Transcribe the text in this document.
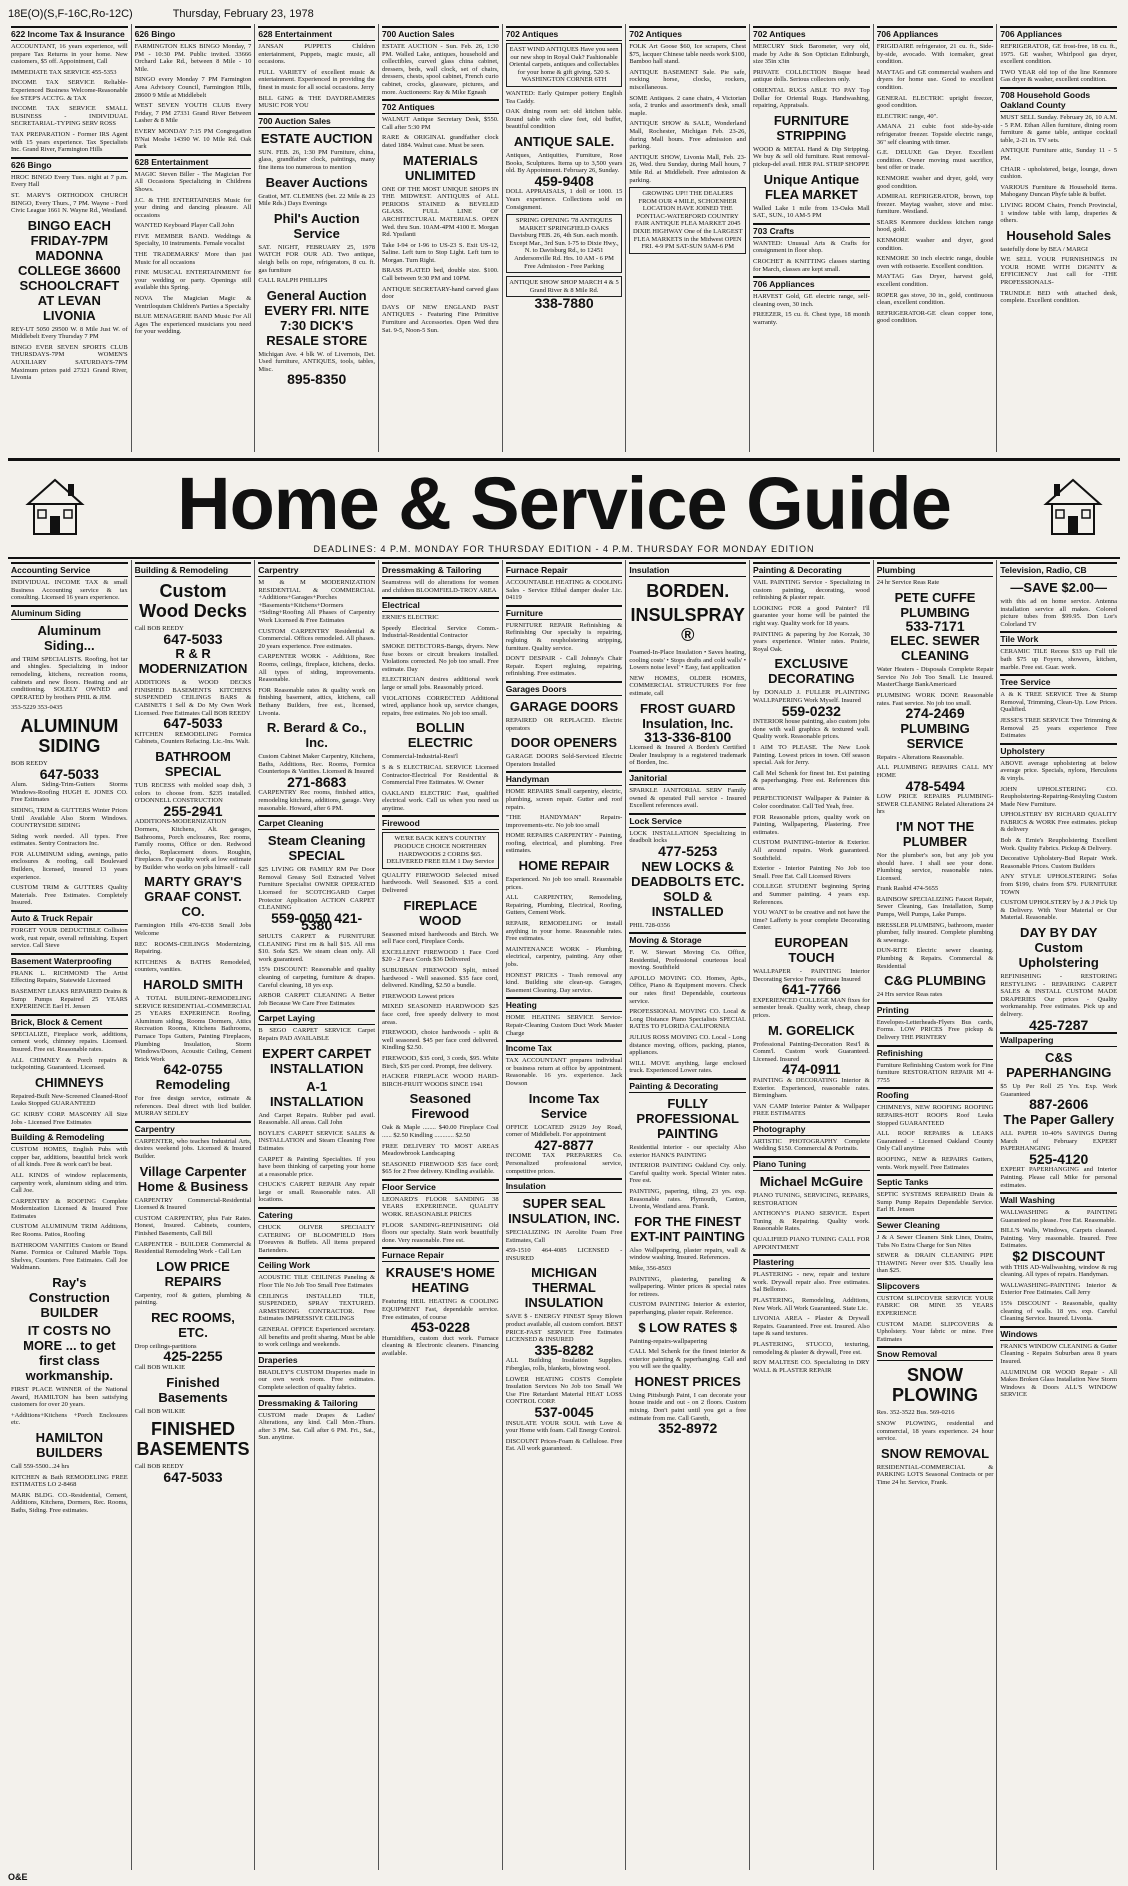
18E(O)(S,F-16C,Ro-12C)	Thursday, February 23, 1978
622 Income Tax & Insurance
ACCOUNTANT, 16 years experience, will prepare Tax Returns in your home. New customers, $5 off. Appointment, Call
IMMEDIATE TAX SERVICE 455-5353
INCOME TAX SERVICE Reliable-Experienced Business Welcome-Reasonable fee STEP'S ACCTG. & TAX
INCOME TAX SERVICE SMALL BUSINESS - INDIVIDUAL SECRETARIAL-TYPING SERV ROSS
TAX PREPARATION - Former IRS Agent with 15 years experience. Tax Specialists Inc. Grand River, Farmington Hills
626 Bingo
HROC BINGO Every Tues. night at 7 p.m. Every Hall
ST. MARY'S ORTHODOX CHURCH BINGO, Every Thurs., 7 PM. Wayne - Ford Civic League 1661 N. Wayne Rd., Westland.
BINGO EACH FRIDAY-7PM MADONNA COLLEGE 36600 SCHOOLCRAFT AT LEVAN LIVONIA
REY-UT 5050 29500 W. 8 Mile Just W. of Middlebelt Every Thursday 7 PM
BINGO EVER SEVEN SPORTS CLUB THURSDAYS-7PM WOMEN'S AUXILIARY SATURDAYS-7PM Maximum prizes paid 27321 Grand River, Livonia
626 Bingo
FARMINGTON ELKS BINGO Monday, 7 PM - 10:30 PM. Public invited. 33666 Orchard Lake Rd., between 8 Mile - 10 Mile.
BINGO every Monday 7 PM Farmington Area Advisory Council, Farmington Hills, 28600 9 Mile at Middlebelt
WEST SEVEN YOUTH CLUB Every Friday, 7 PM 27331 Grand River Between Lasher & 8 Mile
EVERY MONDAY 7:15 PM Congregation B'Nai Moshe 14390 W. 10 Mile Rd. Oak Park
628 Entertainment
MAGIC Steven Biller - The Magician For All Occasions Specializing in Childrens Shows.
J.C. & THE ENTERTAINERS Music for your dining and dancing pleasure. All occasions
WANTED Keyboard Player Call John
FIVE MEMBER BAND. Weddings & Specialty, 10 instruments. Female vocalist
THE TRADEMARKS' More than just Music for all occasions
FINE MUSICAL ENTERTAINMENT for your wedding or party. Openings still available this Spring.
NOVA The Magician Magic & Ventriloquism Children's Parties a Specialty
BLUE MENAGERIE BAND Music For All Ages The experienced musicians you need for your wedding.
628 Entertainment
JANSAN PUPPETS Children entertainment, Puppets, magic music, all occasions.
FULL VARIETY of excellent music & entertainment. Experienced in providing the finest in music for all social occasions. Jerry
BILL GING & THE DAYDREAMERS MUSIC FOR YOU
700 Auction Sales
ESTATE AUCTION
SUN. FEB. 26, 1:30 PM Furniture, china, glass, grandfather clock, paintings, many fine items too numerous to mention
Beaver Auctions
Gratiot, MT. CLEMENS (bet. 22 Mile & 23 Mile Rds.) Days Evenings
Phil's Auction Service
SAT. NIGHT, FEBRUARY 25, 1978 WATCH FOR OUR AD. Two antique, sleigh bells on rope, refrigerators, 8 cu. ft. gas furniture
CALL RALPH PHILLIPS
General Auction EVERY FRI. NITE 7:30 DICK'S RESALE STORE
Michigan Ave. 4 blk W. of Livernois, Det. Used furniture, ANTIQUES, tools, tables, Misc.
895-8350
700 Auction Sales
ESTATE AUCTION - Sun. Feb. 26, 1:30 PM. Walled Lake, antiques, household and collectibles, curved glass china cabinet, dressers, beds, wall clock, set of chairs, dressers, chests, spool cabinet, French curio cabinet, crocks, glassware, pictures, and more. Auctioneers: Ray & Mike Egnash
702 Antiques
WALNUT Antique Secretary Desk, $550. Call after 5:30 PM
RARE & ORIGINAL grandfather clock dated 1884. Walnut case. Must be seen.
MATERIALS UNLIMITED
ONE OF THE MOST UNIQUE SHOPS IN THE MIDWEST. ANTIQUES of ALL PERIODS STAINED & BEVELED GLASS. FULL LINE OF ARCHITECTURAL MATERIALS. OPEN Wed. thru Sun. 10AM-4PM 4100 E. Morgan Rd. Ypsilanti
Take I-94 or I-96 to US-23 S. Exit US-12, Saline. Left turn to Stop Light. Left turn to Morgan. Turn Right.
BRASS PLATED bed, double size. $100. Call between 9:30 PM and 10PM.
ANTIQUE SECRETARY-hand carved glass door
DAYS OF NEW ENGLAND PAST ANTIQUES - Featuring Fine Primitive Furniture and Accessories. Open Wed thru Sat. 9-5, Noon-5 Sun.
702 Antiques
EAST WIND ANTIQUES Have you seen our new shop in Royal Oak? Fashionable Oriental carpets, antiques and collectables for your home & gift giving. 520 S. WASHINGTON CORNER 6TH
WANTED: Early Quimper pottery English Tea Caddy.
OAK dining room set: old kitchen table. Round table with claw feet, old buffet, beautiful condition
ANTIQUE SALE.
Antiques, Antiquities, Furniture, Rose Books, Sculptures. Items up to 3,500 years old. By Appointment. February 26, Sunday.
459-9408
DOLL APPRAISALS, 1 doll or 1000. 15 Years experience. Collections sold on Consignment.
SPRING OPENING '78 ANTIQUES MARKET SPRINGFIELD OAKS Davisburg FEB. 26, 4th Sun. each month. Except Mar., 3rd Sun. I-75 to Dixie Hwy., N. to Davisburg Rd., to 12451 Andersonville Rd. Hrs. 10 AM - 6 PM Free Admission - Free Parking
ANTIQUE SHOW SHOP MARCH 4 & 5 Grand River & 8 Mile Rd.
338-7880
702 Antiques
FOLK Art Goose $60, Ice scrapers, Chest $75, lacquer Chinese table needs work $100, Bamboo hall stand.
ANTIQUE BASEMENT Sale. Pie safe, rocking horse, clocks, rockers, miscellaneous.
SOME Antiques. 2 cane chairs, 4 Victorian sofa, 2 trunks and assortment's desk, small maple.
ANTIQUE SHOW & SALE, Wonderland Mall, Rochester, Michigan Feb. 23-26, during Mall hours. Free admission and parking.
ANTIQUE SHOW, Livonia Mall, Feb. 23-26, Wed. thru Sunday, during Mall hours, 7 Mile Rd. at Middlebelt. Free admission & parking.
GROWING UP!! THE DEALERS FROM OUR 4 MILE, SCHOENHER LOCATION HAVE JOINED THE PONTIAC-WATERFORD COUNTRY FAIR ANTIQUE FLEA MARKET 2045 DIXIE HIGHWAY One of the LARGEST FLEA MARKETS in the Midwest OPEN FRI. 4-9 PM SAT-SUN 9AM-6 PM
702 Antiques
MERCURY Stick Barometer, very old, made by Adie & Son Optician Edinburgh, size 35in x3in
PRIVATE COLLECTION Bisque head antique dolls. Serious collectors only.
ORIENTAL RUGS ABLE TO PAY Top Dollar for Oriental Rugs. Handwashing, repairing, Appraisals.
FURNITURE STRIPPING
WOOD & METAL Hand & Dip Stripping. We buy & sell old furniture. Rust removal-pickup-del avail. HER PAL STRIP SHOPPE
Unique Antique FLEA MARKET
Walled Lake 1 mile from 13-Oaks Mall SAT., SUN., 10 AM-5 PM
703 Crafts
WANTED: Unusual Arts & Crafts for consignment in floor shop.
CROCHET & KNITTING classes starting for March, classes are kept small.
706 Appliances
HARVEST Gold, GE electric range, self-cleaning oven, 30 inch.
FREEZER, 15 cu. ft. Chest type, 18 month warranty.
706 Appliances
FRIGIDAIRE refrigerator, 21 cu. ft., Side-by-side, avocado. With icemaker, great condition.
MAYTAG and GE commercial washers and dryers for home use. Good to excellent condition.
GENERAL ELECTRIC upright freezer, good condition.
ELECTRIC range, 40".
AMANA 21 cubic foot side-by-side refrigerator freezer. Topside electric range, 36" self cleaning with timer.
G.E. DELUXE Gas Dryer. Excellent condition. Owner moving must sacrifice, best offer or trade.
KENMORE washer and dryer, gold, very good condition.
ADMIRAL REFRIGERATOR, brown, top freezer. Maytag washer, stove and misc. furniture. Westland.
SEARS Kenmore duckless kitchen range hood, gold.
KENMORE washer and dryer, good condition.
KENMORE 30 inch electric range, double oven with rotisserie. Excellent condition.
MAYTAG Gas Dryer, harvest gold, excellent condition.
ROPER gas stove, 30 in., gold, continuous clean, excellent condition.
REFRIGERATOR-GE clean copper tone, good condition.
706 Appliances
REFRIGERATOR, GE frost-free, 18 cu. ft., 1975. GE washer, Whirlpool gas dryer, excellent condition.
TWO YEAR old top of the line Kenmore Gas dryer & washer, excellent condition.
708 Household Goods Oakland County
MUST SELL Sunday. February 26, 10 A.M. - 5 P.M. Ethan Allen furniture, dining room furniture & game table, antique cocktail table, 2-21 in. TV sets.
ANTIQUE Furniture attic, Sunday 11 - 5 PM.
CHAIR - upholstered, beige, lounge, down cushion.
VARIOUS Furniture & Household items. Mahogany Duncan Phyfe table & buffet.
LIVING ROOM Chairs, French Provincial, 1 window table with lamp, draperies & others.
Household Sales
tastefully done by BEA / MARGI
WE SELL YOUR FURNISHINGS IN YOUR HOME WITH DIGNITY & EFFICIENCY Just call for -THE PROFESSIONALS-
TRUNDLE BED with attached desk, complete. Excellent condition.
Home & Service Guide
DEADLINES: 4 P.M. MONDAY FOR THURSDAY EDITION - 4 P.M. THURSDAY FOR MONDAY EDITION
Accounting Service
INDIVIDUAL INCOME TAX & small Business Accounting service & tax consulting. Licensed 16 years experience.
Aluminum Siding
Aluminum Siding...
and TRIM SPECIALISTS. Roofing, hot tar and shingles. Specializing in indoor remodeling, kitchens, recreation rooms, cabinets and new floors. Heating and air conditioning. SOLELY OWNED and OPERATED by brothers PHIL & JIM.
353-5229 353-0435
ALUMINUM SIDING
BOB REEDY
647-5033
Alum. Siding-Trim-Gutters Storms Windows-Roofing HUGH E. JONES CO. Free Estimates
SIDING, TRIM & GUTTERS Winter Prices Until Available Also Storm Windows. COUNTRYSIDE SIDING
Siding work needed. All types. Free estimates. Sentry Contractors Inc.
FOR ALUMINUM siding, awnings, patio enclosures & roofing, call Boulevard Builders, licensed, insured 13 years experience.
CUSTOM TRIM & GUTTERS Quality Materials. Free Estimates. Completely Insured.
Auto & Truck Repair
FORGET YOUR DEDUCTIBLE Collision work, rust repair, overall refinishing. Expert service. Call Steve
Basement Waterproofing
FRANK L. RICHMOND The Artist Effecting Repairs, Statewide Licensed
BASEMENT LEAKS REPAIRED Drains & Sump Pumps Repaired 25 YEARS EXPERIENCE Earl H. Jensen
Brick, Block & Cement
SPECIALIZE, Fireplace work, additions, cement work, chimney repairs. Licensed. Insured. Free est. Reasonable rates.
ALL CHIMNEY & Porch repairs & tuckpointing. Guaranteed. Licensed.
CHIMNEYS
Repaired-Built New-Screened Cleaned-Roof Leaks Stopped GUARANTEED
GC KIRBY CORP. MASONRY All Size Jobs - Licensed Free Estimates
Building & Remodeling
CUSTOM HOMES, English Pubs with copper bar, additions, beautiful brick work of all kinds. Free & work can't be beat.
ALL KINDS of window replacements, carpentry work, aluminum siding and trim. Call Joe.
CARPENTRY & ROOFING Complete Modernization Licensed & Insured Free Estimates
CUSTOM ALUMINUM TRIM Additions, Rec Rooms. Patios, Roofing
BATHROOM VANITIES Custom or Brand Name. Formica or Cultured Marble Tops. Shelves, Counters. Free Estimates. Call Joe Waldmann.
Ray's Construction BUILDER
IT COSTS NO MORE ... to get first class workmanship.
FIRST PLACE WINNER of the National Award, HAMILTON has been satisfying customers for over 20 years.
+Additions+Kitchens +Porch Enclosures etc.
HAMILTON BUILDERS
Call 559-5500...24 hrs
KITCHEN & Bath REMODELING FREE ESTIMATES LO 2-8468
MARK BLDG. CO.-Residential, Cement, Additions, Kitchens, Dormers, Rec. Rooms, Baths, Siding. Free estimates.
Building & Remodeling
Custom Wood Decks
Call BOB REEDY
647-5033
R & R MODERNIZATION
ADDITIONS & WOOD DECKS FINISHED BASEMENTS KITCHENS SUSPENDED CEILINGS BARS & CABINETS I Sell & Do My Own Work Licensed. Free Estimates Call BOB REEDY
647-5033
KITCHEN REMODELING Formica Cabinets, Counters Refacing. Lic.-Ins. Walt.
BATHROOM SPECIAL
TUB RECESS with molded soap dish, 3 colors to choose from. $235 installed. O'DONNELL CONSTRUCTION
255-2941
ADDITIONS-MODERNIZATION Dormers, Kitchens, Alt. garages, Bathrooms, Porch enclosures, Rec rooms, Family rooms, Office or den. Redwood decks, Replacement doors. Roughin, Fireplaces. For quality work at low estimate by Builder who works on jobs himself - call
MARTY GRAY'S GRAAF CONST. CO.
Farmington Hills 476-8338 Small Jobs Welcome
REC ROOMS-CEILINGS Modernizing, Repairing.
KITCHENS & BATHS Remodeled, counters, vanities.
HAROLD SMITH
A TOTAL BUILDING-REMODELING SERVICE RESIDENTIAL-COMMERCIAL 25 YEARS EXPERIENCE Roofing, Aluminum siding, Rooms Dormers, Attics Recreation Rooms, Kitchens Bathrooms, Furnace Tops Gutters, Painting Fireplaces, Plumbing Insulation, Storm Windows/Doors, Acoustic Ceiling, Cement Brick Work
642-0755
Remodeling
For free design service, estimate & references. Deal direct with licd builder. MURRAY SEDLEY
Carpentry
CARPENTER, who teaches Industrial Arts, desires weekend jobs. Licensed & Insured Builder.
Village Carpenter Home & Business
CARPENTRY Commercial-Residential Licensed & Insured
CUSTOM CARPENTRY, plus Fair Rates. Honest, Insured. Cabinets, counters, Finished Basements, Call Bill
CARPENTER - BUILDER Commercial & Residential Remodeling Work - Call Len
LOW PRICE REPAIRS
Carpentry, roof & gutters, plumbing & painting.
REC ROOMS, ETC.
Drop ceilings-partitions
425-2255
Call BOB WILKIE
Finished Basements
Call BOB WILKIE
FINISHED BASEMENTS
Call BOB REEDY
647-5033
Carpentry
M & M MODERNIZATION RESIDENTIAL & COMMERCIAL +Additions+Garages+Porches +Basements+Kitchens+Dormers +Siding+Roofing All Phases of Carpentry Work Licensed & Free Estimates
CUSTOM CARPENTRY Residential & Commercial. Offices remodeled. All phases. 20 years experience. Free estimates.
CARPENTER WORK - Additions, Rec Rooms, ceilings, fireplace, kitchens, decks. All types of siding, improvements. Reasonable.
FOR Reasonable rates & quality work on finishing basement, attics, kitchens, call Bethany Builders, free est., licensed, Livonia.
R. Berard & Co., Inc.
Custom Cabinet Maker Carpentry, Kitchens, Baths, Additions, Rec. Rooms, Formica Countertops & Vanities. Licensed & Insured
271-8683
CARPENTRY Rec rooms, finished attics, remodeling kitchens, additions, garage. Very reasonable. Howard, after 6 PM.
Carpet Cleaning
Steam Cleaning SPECIAL
$25 LIVING OR FAMILY RM Per Door Removal Greasy Soil Extracted Velvet Furniture Specialist OWNER OPERATED Licensed for SCOTCHGARD Carpet Protector Application ACTION CARPET CLEANING
559-0050 421-5380
SHULTS CARPET & FURNITURE CLEANING First rm & hall $15. All rms $10. Sofa $25. We steam clean only. All work guaranteed.
15% DISCOUNT: Reasonable and quality cleaning of carpeting, furniture & drapes. Careful cleaning, 18 yrs exp.
ARBOR CARPET CLEANING A Better Job Because We Care Free Estimates
Carpet Laying
B SEGO CARPET SERVICE Carpet Repairs PAD AVAILABLE
EXPERT CARPET INSTALLATION
A-1 INSTALLATION
And Carpet Repairs. Rubber pad avail. Reasonable. All areas. Call John
BOYLE'S CARPET SERVICE SALES & INSTALLATION and Steam Cleaning Free Estimates
CARPET & Painting Specialties. If you have been thinking of carpeting your home at a reasonable price.
CHUCK'S CARPET REPAIR Any repair large or small. Reasonable rates. All locations.
Catering
CHUCK OLIVER SPECIALTY CATERING OF BLOOMFIELD Hors D'oeuvres & Buffets. All items prepared Bartenders.
Ceiling Work
ACOUSTIC TILE CEILINGS Paneling & Floor Tile No Job Too Small Free Estimates
CEILINGS INSTALLED TILE, SUSPENDED, SPRAY TEXTURED. ARMSTRONG CONTRACTOR. Free Estimates IMPRESSIVE CEILINGS
GENERAL OFFICE Experienced secretary. All benefits and profit sharing. Must be able to work ceilings and weekends.
Draperies
BRADLEY'S CUSTOM Draperies made in our own work room. Free estimates. Complete selection of quality fabrics.
Dressmaking & Tailoring
CUSTOM made Drapes & Ladies' Alterations, any kind. Call Mon.-Thurs. after 3 PM. Sat. Call after 6 PM. Fri., Sat., Sun. anytime.
Dressmaking & Tailoring
Seamstress will do alterations for women and children BLOOMFIELD-TROY AREA
Electrical
ERNIE'S ELECTRIC
Speedy Electrical Service Comm.-Industrial-Residential Contractor
SMOKE DETECTORS-Bangs, dryers. New fuse boxes or circuit breakers installed. Violations corrected. No job too small. Free estimate. Day
ELECTRICIAN desires additional work large or small jobs. Reasonably priced.
VIOLATIONS CORRECTED Additional wired, appliance hook up, service changes, repairs, free estimates. No job too small.
BOLLIN ELECTRIC
Commercial-Industrial-Resi'l
S & S ELECTRICAL SERVICE Licensed Contractor-Electrical For Residential & Commercial Free Estimates. W. Owner
OAKLAND ELECTRIC Fast, qualified electrical work. Call us when you need us anytime.
Firewood
WE'RE BACK KEN'S COUNTRY PRODUCE CHOICE NORTHERN HARDWOODS 2 CORDS $65. DELIVERED FREE ELM 1 Day Service
QUALITY FIREWOOD Selected mixed hardwoods. Well Seasoned. $35 a cord. Delivered
FIREPLACE WOOD
Seasoned mixed hardwoods and Birch. We sell Face cord, Fireplace Cords.
EXCELLENT FIREWOOD 1 Face Cord $20 - 2 Face Cords $36 Delivered
SUBURBAN FIREWOOD Split, mixed hardwood - Well seasoned. $35 face cord, delivered. Kindling, $2.50 a bundle.
FIREWOOD Lowest prices
MIXED SEASONED HARDWOOD $25 face cord, free speedy delivery to most areas.
FIREWOOD, choice hardwoods - split & well seasoned. $45 per face cord delivered. Kindling $2.50.
FIREWOOD, $35 cord, 3 cords, $95. White Birch, $35 per cord. Prompt, free delivery.
HACKER FIREPLACE WOOD HARD-BIRCH-FRUIT WOODS SINCE 1941
Seasoned Firewood
Oak & Maple ........ $40.00 Fireplace Coal ...... $2.50 Kindling ............ $2.50
FREE DELIVERY TO MOST AREAS Meadowbrook Landscaping
SEASONED FIREWOOD $35 face cord; $65 for 2 Free delivery. Kindling available.
Floor Service
LEONARD'S FLOOR SANDING 38 YEARS EXPERIENCE. QUALITY WORK. REASONABLE PRICES
FLOOR SANDING-REFINISHING Old floors our specialty. Stain work beautifully done. Very reasonable. Free est.
Furnace Repair
KRAUSE'S HOME HEATING
Featuring HEIL HEATING & COOLING EQUIPMENT Fast, dependable service. Free estimates, of course
453-0228
Humidifiers, custom duct work. Furnace cleaning & Electronic cleaners. Financing available.
Furnace Repair
ACCOUNTABLE HEATING & COOLING Sales - Service Efthal damper dealer Lic. 04119
Furniture
FURNITURE REPAIR Refinishing & Refinishing Our specialty is repairing, regluing & reupholstering stripping, furniture. Quality service.
DON'T DESPAIR - Call Johnny's Chair Repair. Expert regluing, repairing, refinishing. Free estimates.
Garages Doors
GARAGE DOORS
REPAIRED OR REPLACED. Electric operators
DOOR OPENERS
GARAGE DOORS Sold-Serviced Electric Operators Installed
Handyman
HOME REPAIRS Small carpentry, electric, plumbing, screen repair. Gutter and roof repairs.
"THE HANDYMAN" Repairs-improvements-etc. No job too small
HOME REPAIRS CARPENTRY - Painting, roofing, electrical, and plumbing. Free estimates.
HOME REPAIR
Experienced. No job too small. Reasonable prices.
ALL CARPENTRY, Remodeling, Repairing, Plumbing, Electrical, Roofing, Gutters, Cement Work.
REPAIR, REMODELING or install anything in your home. Reasonable rates. Free estimates.
MAINTENANCE WORK - Plumbing, electrical, carpentry, painting. Any other jobs.
HONEST PRICES - Trash removal any kind. Building site clean-up. Garages, Basement Cleaning. Day service.
Heating
HOME HEATING SERVICE Service-Repair-Cleaning Custom Duct Work Master Charge
Income Tax
TAX ACCOUNTANT prepares individual or business return at office by appointment. Reasonable. 16 yrs. experience. Jack Dowson
Income Tax Service
OFFICE LOCATED 29129 Joy Road, corner of Middlebelt. For appointment
427-8877
INCOME TAX PREPARERS Co. Personalized professional service, competitive prices.
Insulation
SUPER SEAL INSULATION, INC.
SPECIALIZING IN Aerolite Foam Free Estimates, Call
459-1510 464-4085 LICENSED - INSURED
MICHIGAN THERMAL INSULATION
SAVE $ - ENERGY FINEST Spray Blown product available, all custom comfort. BEST PRICE-FAST SERVICE Free Estimates LICENSED & INSURED
335-8282
ALL Building Insulation Supplies. Fiberglas, rolls, blankets, blowing wool.
LOWER HEATING COSTS Complete Insulation Services No Job too Small We Use Fire Retardant Material HEAT LOSS CONTROL CORP.
537-0045
INSULATE YOUR SOUL with Love & your Home with foam. Call Energy Control.
DISCOUNT Prices-Foam & Cellulose. Free Est. All work guaranteed.
Insulation
BORDEN.
INSULSPRAY ®
Foamed-In-Place Insulation • Saves heating, cooling costs' • Stops drafts and cold walls' • Lowers noise level' • Easy, fast application
NEW HOMES, OLDER HOMES, COMMERCIAL STRUCTURES For free estimate, call
FROST GUARD Insulation, Inc.
313-336-8100
Licensed & Insured A Borden's Certified Dealer Insulspray is a registered trademark of Borden, Inc.
Janitorial
SPARKLE JANITORIAL SERV Family owned & operated Full service - Insured Excellent references avail.
Lock Service
LOCK INSTALLATION Specializing in deadbolt locks
477-5253
NEW LOCKS & DEADBOLTS ETC. SOLD & INSTALLED
PHIL 728-0356
Moving & Storage
F. W. Stewart Moving Co. Office, Residential, Professional courteous local moving. Southfield
APOLLO MOVING CO. Homes, Apts., Office, Piano & Equipment movers. Check our rates first! Dependable, courteous service.
PROFESSIONAL MOVING CO. Local & Long Distance Piano Specialists SPECIAL RATES TO FLORIDA CALIFORNIA
JULIUS ROSS MOVING CO. Local - Long distance moving, offices, packing, pianos, appliances.
WILL MOVE anything, large enclosed truck. Experienced Lower rates.
Painting & Decorating
FULLY PROFESSIONAL PAINTING
Residential interior - our specialty Also exterior HANK'S PAINTING
INTERIOR PAINTING Oakland Cty. only. Careful quality work. Special Winter rates. Free est.
PAINTING, papering, tiling, 23 yrs. exp. Reasonable rates. Plymouth, Canton, Livonia, Westland area. Frank.
FOR THE FINEST EXT-INT PAINTING
Also Wallpapering, plaster repairs, wall & window washing. Insured. References.
Mike, 356-8503
PAINTING, plastering, paneling & wallpapering. Winter prices & special rates for retirees.
CUSTOM PAINTING Interior & exterior, paperhanging, plaster repair. Reference.
$ LOW RATES $
Painting-repairs-wallpapering
CALL Mel Schenk for the finest interior & exterior painting & paperhanging. Call and you will see the quality.
HONEST PRICES
Using Pittsburgh Paint, I can decorate your house inside and out - on 2 floors. Custom mixing. Don't paint until you get a free estimate from me. Call Gareth,
352-8972
Painting & Decorating
VAIL PAINTING Service - Specializing in custom painting, decorating, wood refinishing & plaster repair.
LOOKING FOR a good Painter? I'll guarantee your home will be painted the right way. Quality work for 18 years.
PAINTING & papering by Joe Korzak, 30 years experience. Winter rates. Prairie, Royal Oak.
EXCLUSIVE DECORATING
by DONALD J. FULLER PLAINTING WALLPAPERING Work Myself. Insured
559-0232
INTERIOR house painting, also custom jobs done with wall graphics & textured wall. Quality work. Reasonable prices.
I AIM TO PLEASE. The New Look Painting. Lowest prices in town. Off season special. Ask for Jerry.
Call Mel Schenk for finest Int. Ext painting & paperhanging. Free est. References this area.
PERFECTIONIST Wallpaper & Painter & Color coordinator. Call Ted Yeah, free.
FOR Reasonable prices, quality work on Painting, Wallpapering, Plastering. Free estimates.
CUSTOM PAINTING-Interior & Exterior. All around repairs. Work guaranteed. Southfield.
Exterior - Interior Painting No Job too Small. Free Est. Call Licensed Rivers
COLLEGE STUDENT beginning Spring and Summer painting. 4 years exp. References.
YOU WANT to be creative and not have the time? Lafferty is your complete Decorating Center.
EUROPEAN TOUCH
WALLPAPER - PAINTING Interior Decorating Service Free estimate Insured
641-7766
EXPERIENCED COLLEGE MAN fixes for semester break. Quality work, cheap, cheap prices.
M. GORELICK
Professional Painting-Decoration Resi'l & Comm'l. Custom work Guaranteed. Licensed. Insured
474-0911
PAINTING & DECORATING Interior & Exterior. Experienced, reasonable rates. Birmingham.
VAN CAMP Interior Painter & Wallpaper FREE ESTIMATES
Photography
ARTISTIC PHOTOGRAPHY Complete Wedding $150. Commercial & Portraits.
Piano Tuning
Michael McGuire
PIANO TUNING, SERVICING, REPAIRS, RESTORATION
ANTHONY'S PIANO SERVICE. Expert Tuning & Repairing. Quality work. Reasonable Rates.
QUALIFIED PIANO TUNING CALL FOR APPOINTMENT
Plastering
PLASTERING - new, repair and texture work. Drywall repair also. Free estimates. Sal Bellomo.
PLASTERING, Remodeling, Additions, New Work. All Work Guaranteed. State Lic.
LIVONIA AREA - Plaster & Drywall Repairs. Guaranteed. Free est. Insured. Also tape & sand textures.
PLASTERING, STUCCO, texturing, remodeling & plaster & drywall, Free est.
ROY MALTESE CO. Specializing in DRY WALL & PLASTER REPAIR
Plumbing
24 hr Service Reas Rate
PETE CUFFE PLUMBING
533-7171
ELEC. SEWER CLEANING
Water Heaters - Disposals Complete Repair Service No Job Too Small. Lic Insured. MasterCharge BankAmericard
PLUMBING WORK DONE Reasonable rates. Fast service. No job too small.
274-2469
PLUMBING SERVICE
Repairs - Alterations Reasonable.
ALL PLUMBING REPAIRS CALL MY HOME
478-5494
LOW PRICE REPAIRS PLUMBING-SEWER CLEANING Related Alterations 24 hrs
I'M NOT THE PLUMBER
Nor the plumber's son, but any job you should have. I shall see your done. Plumbing service, reasonable rates. Licensed.
Frank Rashid 474-5655
RAINBOW SPECIALIZING Faucet Repair, Sewer Cleaning, Gas Installation, Sump Pumps, Well Pumps, Lake Pumps.
BRESSLER PLUMBING, bathroom, master plumber, fully insured. Complete plumbing & sewerage.
DUN-RITE Electric sewer cleaning. Plumbing & Repairs. Commercial & Residential
C&G PLUMBING
24 Hrs service Reas rates
Printing
Envelopes-Letterheads-Flyers Bus cards, Forms. LOW PRICES Free pickup & Delivery THE PRINTERY
Refinishing
Furniture Refinishing Custom work for Fine furniture RESTORATION REPAIR MI 4-7755
Roofing
CHIMNEYS, NEW ROOFING ROOFING REPAIRS-HOT ROOFS Roof Leaks Stopped GUARANTEED
ALL ROOF REPAIRS & LEAKS Guaranteed - Licensed Oakland County Only Call anytime
ROOFING, NEW & REPAIRS Gutters, vents. Work myself. Free Estimates
Septic Tanks
SEPTIC SYSTEMS REPAIRED Drain & Sump Pump Repairs Dependable Service. Earl H. Jensen
Sewer Cleaning
J & A Sewer Cleaners Sink Lines, Drains, Tubs No Extra Charge for Sun Nites
SEWER & DRAIN CLEANING PIPE THAWING Never over $35. Usually less than $25.
Slipcovers
CUSTOM SLIPCOVER SERVICE YOUR FABRIC OR MINE 35 YEARS EXPERIENCE
CUSTOM MADE SLIPCOVERS & Upholstery. Your fabric or mine. Free Estimates
Snow Removal
SNOW PLOWING
Res. 352-3522 Bus. 569-0216
SNOW PLOWING, residential and commercial, 18 years experience. 24 hour service.
SNOW REMOVAL
RESIDENTIAL-COMMERCIAL & PARKING LOTS Seasonal Contracts or per Time 24 hr. Service, Frank.
Television, Radio, CB
—SAVE $2.00—
with this ad on home service. Antenna installation service all makes. Colored picture tubes from $99.95. Don Lor's Colorland TV
Tile Work
CERAMIC TILE Recess $33 up Full tile bath $75 up Foyers, showers, kitchen, marble. Free est. Guar. work.
Tree Service
A & K TREE SERVICE Tree & Stump Removal, Trimming, Clean-Up. Low Prices. Qualified.
JESSE'S TREE SERVICE Tree Trimming & Removal 25 years experience Free Estimates
Upholstery
ABOVE average upholstering at below average price. Specials, nylons, Herculons & vinyls.
JOHN UPHOLSTERING CO. Reupholstering-Repairing-Restyling Custom Made New Furniture.
UPHOLSTERY BY RICHARD QUALITY FABRICS & WORK Free estimates. pickup & delivery
Bob & Ernie's Reupholstering Excellent Work. Quality Fabrics. Pickup & Delivery.
Decorative Upholstery-Bud Repair Work. Reasonable Prices. Custom Builders
ANY STYLE UPHOLSTERING Sofas from $199, chairs from $79. FURNITURE TOWN
CUSTOM UPHOLSTERY by J & J Pick Up & Delivery. With Your Material or Our Material. Reasonable.
DAY BY DAY Custom Upholstering
REFINISHING - RESTORING RESTYLING - REPAIRING CARPET SALES & INSTALL CUSTOM MADE DRAPERIES Our prices - Quality workmanship. Free estimates. Pick up and delivery.
425-7287
Wallpapering
C&S PAPERHANGING
$5 Up Per Roll 25 Yrs. Exp. Work Guaranteed
887-2606
The Paper Gallery
ALL PAPER 10-40% SAVINGS During March of February EXPERT PAPERHANGING
525-4120
EXPERT PAPERHANGING and Interior Painting. Please call Mike for personal estimates.
Wall Washing
WALLWASHING & PAINTING Guaranteed no please. Free Est. Reasonable.
BILL'S Walls, Windows, Carpets cleaned. Painting. Very reasonable. Insured. Free Estimates.
$2 DISCOUNT
with THIS AD-Wallwashing, window & rug cleaning. All types of repairs. Handyman.
WALLWASHING-PAINTING Interior & Exterior Free Estimates. Call Jerry
15% DISCOUNT - Reasonable, quality cleaning of walls. 18 yrs. exp. Careful Cleaning Service. Insured. Livonia.
Windows
FRANK'S WINDOW CLEANING & Gutter Cleaning - Repairs Suburban area 8 years Insured.
ALUMINUM OR WOOD Repair - All Makes Broken Glass Installation New Storm Windows & Doors ALL'S WINDOW SERVICE
O&E
